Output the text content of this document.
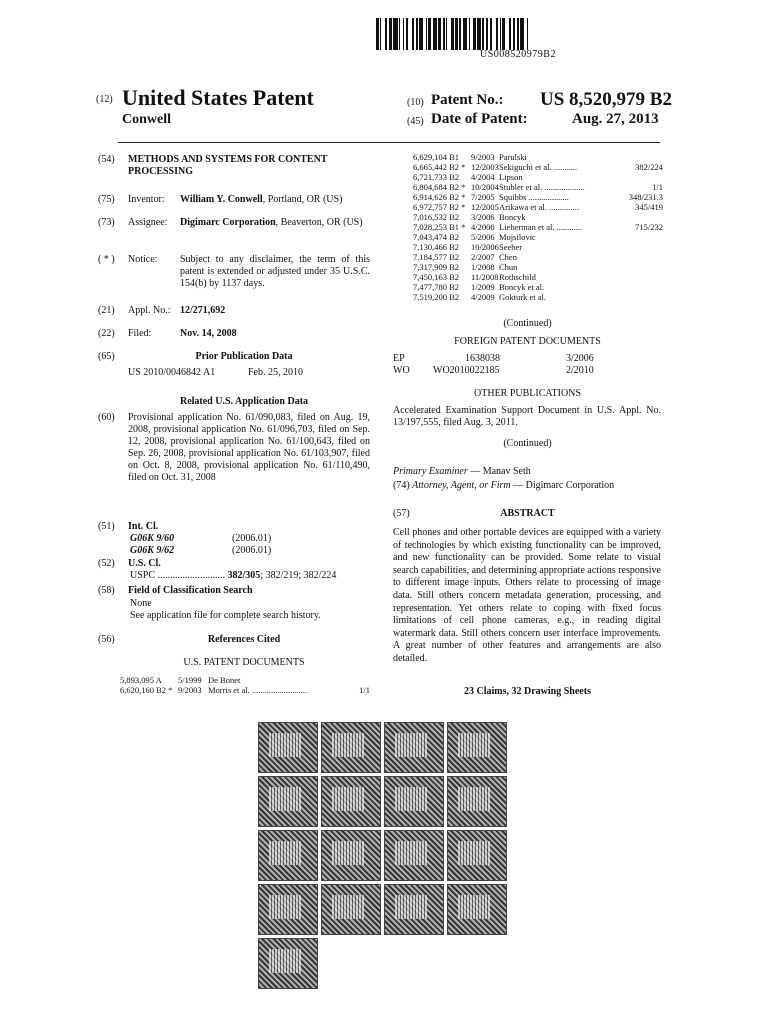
US008520979B2
(12) United States Patent
Conwell
(10) Patent No.: US 8,520,979 B2
(45) Date of Patent:	Aug. 27, 2013
(54) METHODS AND SYSTEMS FOR CONTENT PROCESSING
(75) Inventor: William Y. Conwell, Portland, OR (US)
(73) Assignee: Digimarc Corporation, Beaverton, OR (US)
( * ) Notice: Subject to any disclaimer, the term of this patent is extended or adjusted under 35 U.S.C. 154(b) by 1137 days.
(21) Appl. No.: 12/271,692
(22) Filed:	Nov. 14, 2008
(65)	Prior Publication Data
US 2010/0046842 A1	Feb. 25, 2010
Related U.S. Application Data
(60) Provisional application No. 61/090,083, filed on Aug. 19, 2008, provisional application No. 61/096,703, filed on Sep. 12, 2008, provisional application No. 61/100,643, filed on Sep. 26, 2008, provisional application No. 61/103,907, filed on Oct. 8, 2008, provisional application No. 61/110,490, filed on Oct. 31, 2008
(51) Int. Cl.
G06K 9/60	(2006.01)
G06K 9/62	(2006.01)
(52) U.S. Cl.
USPC ........................... 382/305; 382/219; 382/224
(58) Field of Classification Search
None
See application file for complete search history.
(56)	References Cited
U.S. PATENT DOCUMENTS
5,893,095 A	5/1999 De Bonet
6,620,160 B2 * 9/2003 Morris et al. ..........................	1/1
6,629,104 B1	9/2003 Parulski
6,665,442 B2 * 12/2003 Sekiguchi et al. ...........	382/224
6,721,733 B2	4/2004 Lipson
6,804,684 B2 * 10/2004 Stubler et al. ...................	1/1
6,914,626 B2 * 7/2005 Squibbs ...................	348/231.3
6,972,757 B2 * 12/2005 Arikawa et al. ..............	345/419
7,016,532 B2	3/2006 Boncyk
7,028,253 B1 * 4/2006 Lieberman et al. ............	715/232
7,043,474 B2	5/2006 Mojsilovic
7,130,466 B2	10/2006 Seeber
7,184,577 B2	2/2007 Chen
7,317,909 B2	1/2008 Chun
7,450,163 B2	11/2008 Rothschild
7,477,780 B2	1/2009 Boncyk et al.
7,519,200 B2	4/2009 Gokturk et al.
(Continued)
FOREIGN PATENT DOCUMENTS
EP	1638038	3/2006
WO WO2010022185	2/2010
OTHER PUBLICATIONS
Accelerated Examination Support Document in U.S. Appl. No. 13/197,555, filed Aug. 3, 2011.
(Continued)
Primary Examiner — Manav Seth
(74) Attorney, Agent, or Firm — Digimarc Corporation
(57)	ABSTRACT
Cell phones and other portable devices are equipped with a variety of technologies by which existing functionality can be improved, and new functionality can be provided. Some relate to visual search capabilities, and determining appropriate actions responsive to different image inputs. Others relate to processing of image data. Still others concern metadata generation, processing, and representation. Yet others relate to coping with fixed focus limitations of cell phone cameras, e.g., in reading digital watermark data. Still others concern user interface improvements. A great number of other features and arrangements are also detailed.
23 Claims, 32 Drawing Sheets
